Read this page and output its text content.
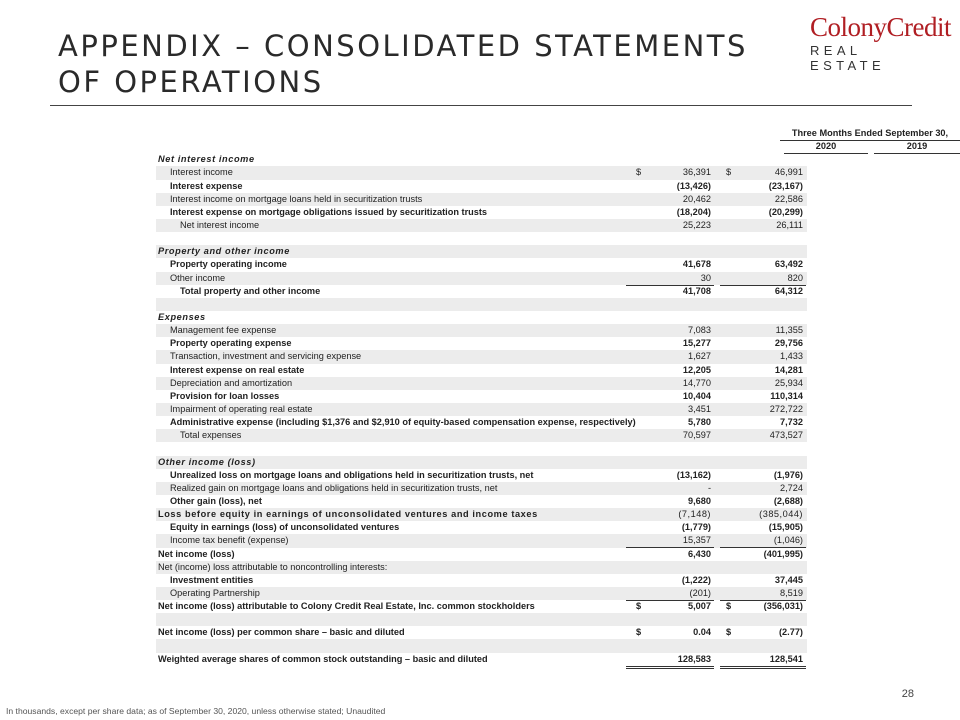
APPENDIX – CONSOLIDATED STATEMENTS OF OPERATIONS
ColonyCredit
REAL ESTATE
Three Months Ended September 30,
2020	2019
Net interest income
Interest income	$	36,391 $	46,991
Interest expense	(13,426)	(23,167)
Interest income on mortgage loans held in securitization trusts	20,462	22,586
Interest expense on mortgage obligations issued by securitization trusts	(18,204)	(20,299)
Net interest income	25,223	26,111
Property and other income
Property operating income	41,678	63,492
Other income	30	820
Total property and other income	41,708	64,312
Expenses
Management fee expense	7,083	11,355
Property operating expense	15,277	29,756
Transaction, investment and servicing expense	1,627	1,433
Interest expense on real estate	12,205	14,281
Depreciation and amortization	14,770	25,934
Provision for loan losses	10,404	110,314
Impairment of operating real estate	3,451	272,722
Administrative expense (including $1,376 and $2,910 of equity-based compensation expense, respectively)	5,780	7,732
Total expenses	70,597	473,527
Other income (loss)
Unrealized loss on mortgage loans and obligations held in securitization trusts, net	(13,162)	(1,976)
Realized gain on mortgage loans and obligations held in securitization trusts, net	-	2,724
Other gain (loss), net	9,680	(2,688)
Loss before equity in earnings of unconsolidated ventures and income taxes	(7,148)	(385,044)
Equity in earnings (loss) of unconsolidated ventures	(1,779)	(15,905)
Income tax benefit (expense)	15,357	(1,046)
Net income (loss)	6,430	(401,995)
Net (income) loss attributable to noncontrolling interests:
Investment entities	(1,222)	37,445
Operating Partnership	(201)	8,519
Net income (loss) attributable to Colony Credit Real Estate, Inc. common stockholders	$	5,007 $	(356,031)
Net income (loss) per common share – basic and diluted	$	0.04 $	(2.77)
Weighted average shares of common stock outstanding – basic and diluted	128,583	128,541
28
In thousands, except per share data; as of September 30, 2020, unless otherwise stated; Unaudited
